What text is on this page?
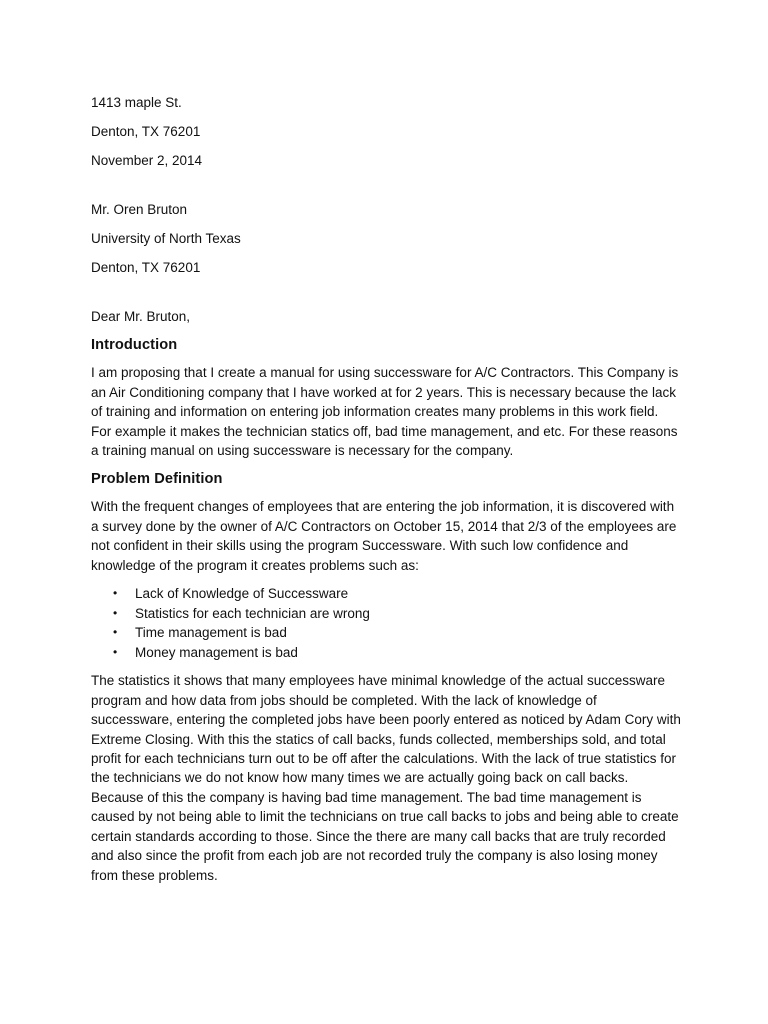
1413 maple St.
Denton, TX 76201
November 2, 2014
Mr. Oren Bruton
University of North Texas
Denton, TX 76201
Dear Mr. Bruton,
Introduction

I am proposing that I create a manual for using successware for A/C Contractors. This Company is an Air Conditioning company that I have worked at for 2 years. This is necessary because the lack of training and information on entering job information creates many problems in this work field. For example it makes the technician statics off, bad time management, and etc. For these reasons a training manual on using successware is necessary for the company.

Problem Definition

With the frequent changes of employees that are entering the job information, it is discovered with a survey done by the owner of A/C Contractors on October 15, 2014 that 2/3 of the employees are not confident in their skills using the program Successware. With such low confidence and knowledge of the program it creates problems such as:

• Lack of Knowledge of Successware
• Statistics for each technician are wrong
• Time management is bad
• Money management is bad

The statistics it shows that many employees have minimal knowledge of the actual successware program and how data from jobs should be completed. With the lack of knowledge of successware, entering the completed jobs have been poorly entered as noticed by Adam Cory with Extreme Closing. With this the statics of call backs, funds collected, memberships sold, and total profit for each technicians turn out to be off after the calculations. With the lack of true statistics for the technicians we do not know how many times we are actually going back on call backs. Because of this the company is having bad time management. The bad time management is caused by not being able to limit the technicians on true call backs to jobs and being able to create certain standards according to those. Since the there are many call backs that are truly recorded and also since the profit from each job are not recorded truly the company is also losing money from these problems.
